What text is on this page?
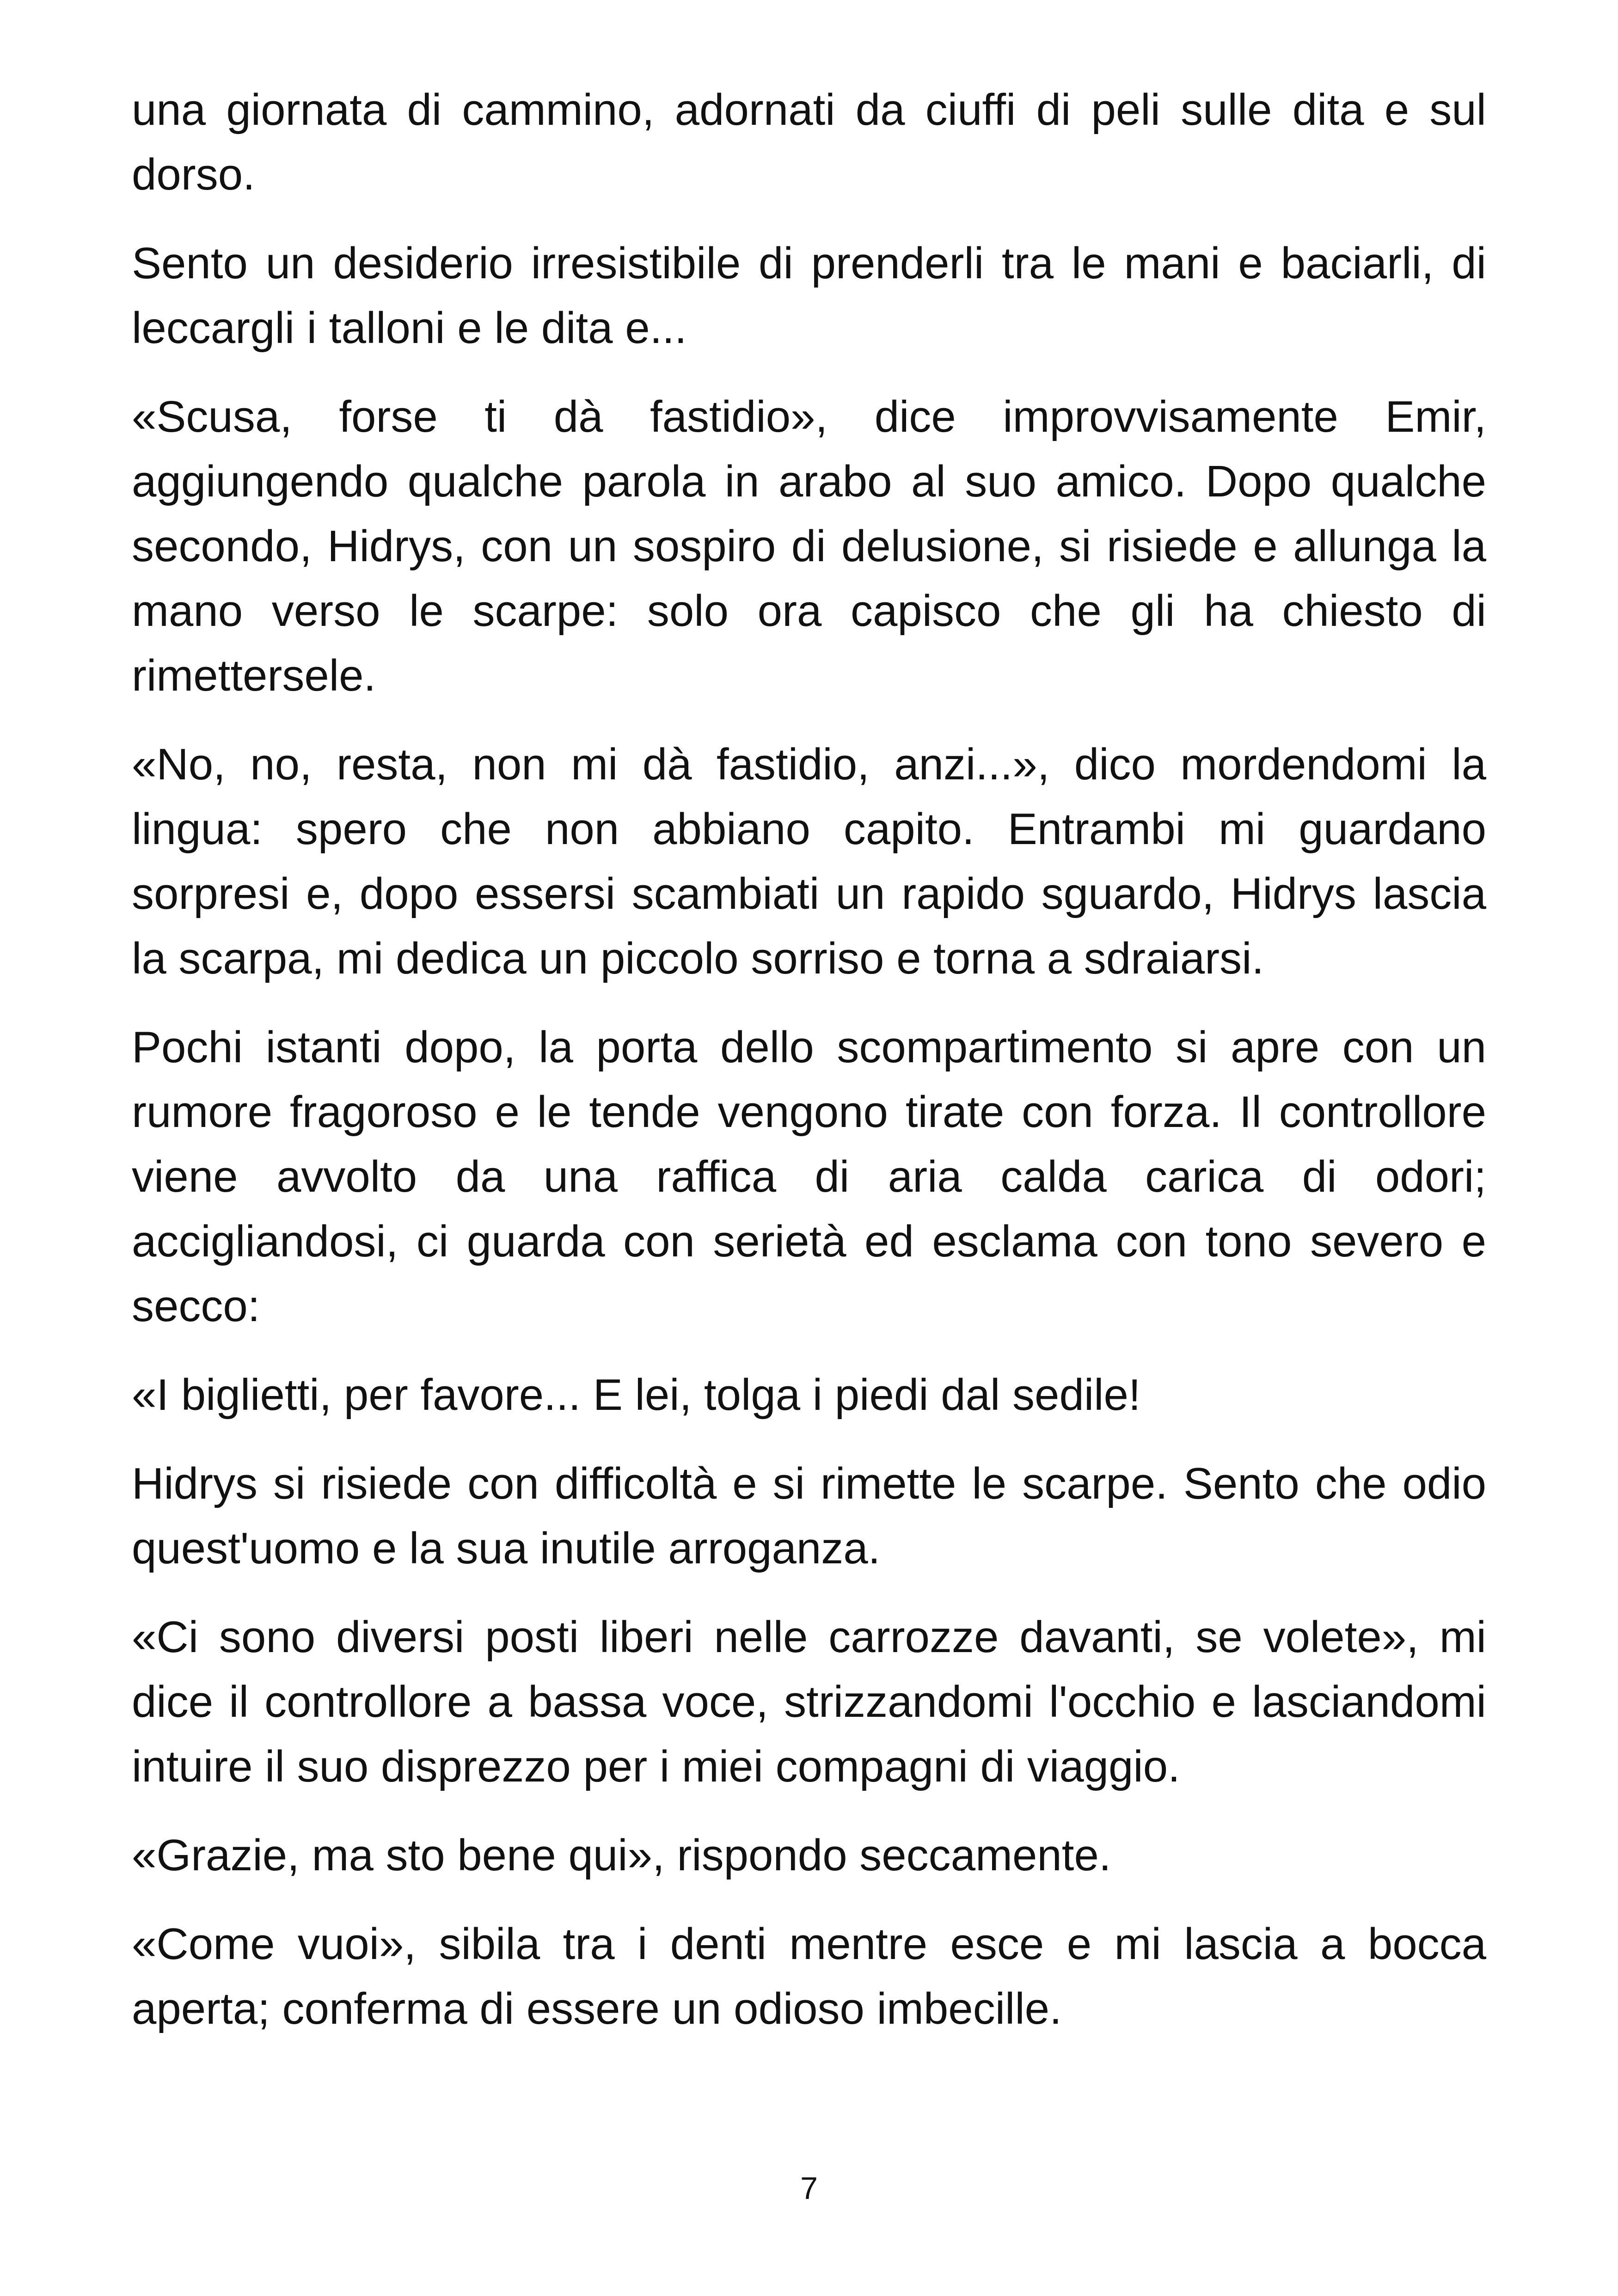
una giornata di cammino, adornati da ciuffi di peli sulle dita e sul dorso.

Sento un desiderio irresistibile di prenderli tra le mani e baciarli, di leccargli i talloni e le dita e...

«Scusa, forse ti dà fastidio», dice improvvisamente Emir, aggiungendo qualche parola in arabo al suo amico. Dopo qualche secondo, Hidrys, con un sospiro di delusione, si risiede e allunga la mano verso le scarpe: solo ora capisco che gli ha chiesto di rimettersele.

«No, no, resta, non mi dà fastidio, anzi...», dico mordendomi la lingua: spero che non abbiano capito. Entrambi mi guardano sorpresi e, dopo essersi scambiati un rapido sguardo, Hidrys lascia la scarpa, mi dedica un piccolo sorriso e torna a sdraiarsi.

Pochi istanti dopo, la porta dello scompartimento si apre con un rumore fragoroso e le tende vengono tirate con forza. Il controllore viene avvolto da una raffica di aria calda carica di odori; accigliandosi, ci guarda con serietà ed esclama con tono severo e secco:

«I biglietti, per favore... E lei, tolga i piedi dal sedile!

Hidrys si risiede con difficoltà e si rimette le scarpe. Sento che odio quest'uomo e la sua inutile arroganza.

«Ci sono diversi posti liberi nelle carrozze davanti, se volete», mi dice il controllore a bassa voce, strizzandomi l'occhio e lasciandomi intuire il suo disprezzo per i miei compagni di viaggio.

«Grazie, ma sto bene qui», rispondo seccamente.

«Come vuoi», sibila tra i denti mentre esce e mi lascia a bocca aperta; conferma di essere un odioso imbecille.

7
